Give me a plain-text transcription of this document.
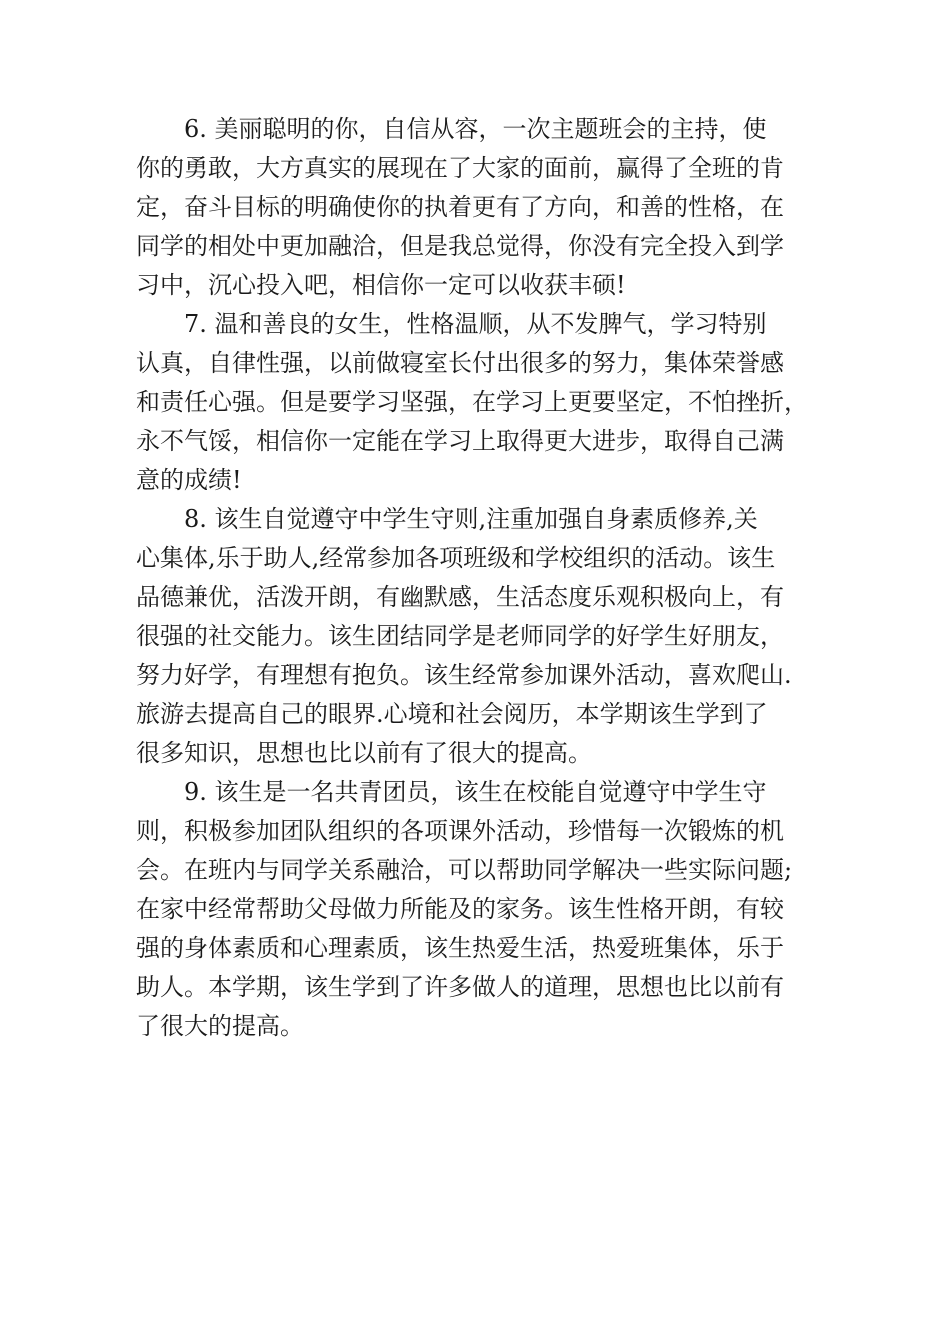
　　6. 美丽聪明的你，自信从容，一次主题班会的主持，使
你的勇敢，大方真实的展现在了大家的面前，赢得了全班的肯
定，奋斗目标的明确使你的执着更有了方向，和善的性格，在
同学的相处中更加融洽，但是我总觉得，你没有完全投入到学
习中，沉心投入吧，相信你一定可以收获丰硕!
　　7. 温和善良的女生，性格温顺，从不发脾气，学习特别
认真，自律性强，以前做寝室长付出很多的努力，集体荣誉感
和责任心强。但是要学习坚强，在学习上更要坚定，不怕挫折，
永不气馁，相信你一定能在学习上取得更大进步，取得自己满
意的成绩!
　　8. 该生自觉遵守中学生守则,注重加强自身素质修养,关
心集体,乐于助人,经常参加各项班级和学校组织的活动。该生
品德兼优，活泼开朗，有幽默感，生活态度乐观积极向上，有
很强的社交能力。该生团结同学是老师同学的好学生好朋友，
努力好学，有理想有抱负。该生经常参加课外活动，喜欢爬山.
旅游去提高自己的眼界.心境和社会阅历，本学期该生学到了
很多知识，思想也比以前有了很大的提高。
　　9. 该生是一名共青团员，该生在校能自觉遵守中学生守
则，积极参加团队组织的各项课外活动，珍惜每一次锻炼的机
会。在班内与同学关系融洽，可以帮助同学解决一些实际问题;
在家中经常帮助父母做力所能及的家务。该生性格开朗，有较
强的身体素质和心理素质，该生热爱生活，热爱班集体，乐于
助人。本学期，该生学到了许多做人的道理，思想也比以前有
了很大的提高。
